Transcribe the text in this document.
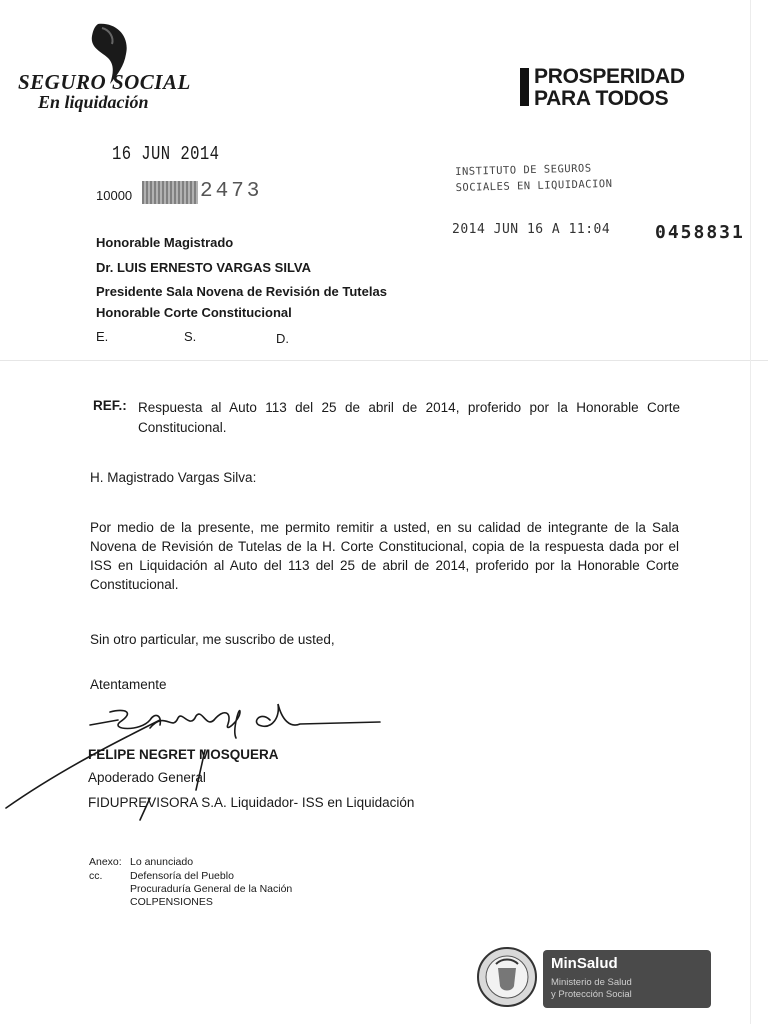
SEGURO SOCIAL
En liquidación
PROSPERIDAD
PARA TODOS
16 JUN 2014
10000	2473
INSTITUTO DE SEGUROS
SOCIALES EN LIQUIDACION
2014 JUN 16 A 11:04 0458831
Honorable Magistrado
Dr. LUIS ERNESTO VARGAS SILVA
Presidente Sala Novena de Revisión de Tutelas
Honorable Corte Constitucional
E.	S.	D.
REF.: Respuesta al Auto 113 del 25 de abril de 2014, proferido por la Honorable Corte Constitucional.
H. Magistrado Vargas Silva:
Por medio de la presente, me permito remitir a usted, en su calidad de integrante de la Sala Novena de Revisión de Tutelas de la H. Corte Constitucional, copia de la respuesta dada por el ISS en Liquidación al Auto del 113 del 25 de abril de 2014, proferido por la Honorable Corte Constitucional.
Sin otro particular, me suscribo de usted,
Atentamente
FELIPE NEGRET MOSQUERA
Apoderado General
FIDUPREVISORA S.A. Liquidador- ISS en Liquidación
Anexo: Lo anunciado
cc.	Defensoría del Pueblo
Procuraduría General de la Nación
COLPENSIONES
MinSalud
Ministerio de Salud
y Protección Social
